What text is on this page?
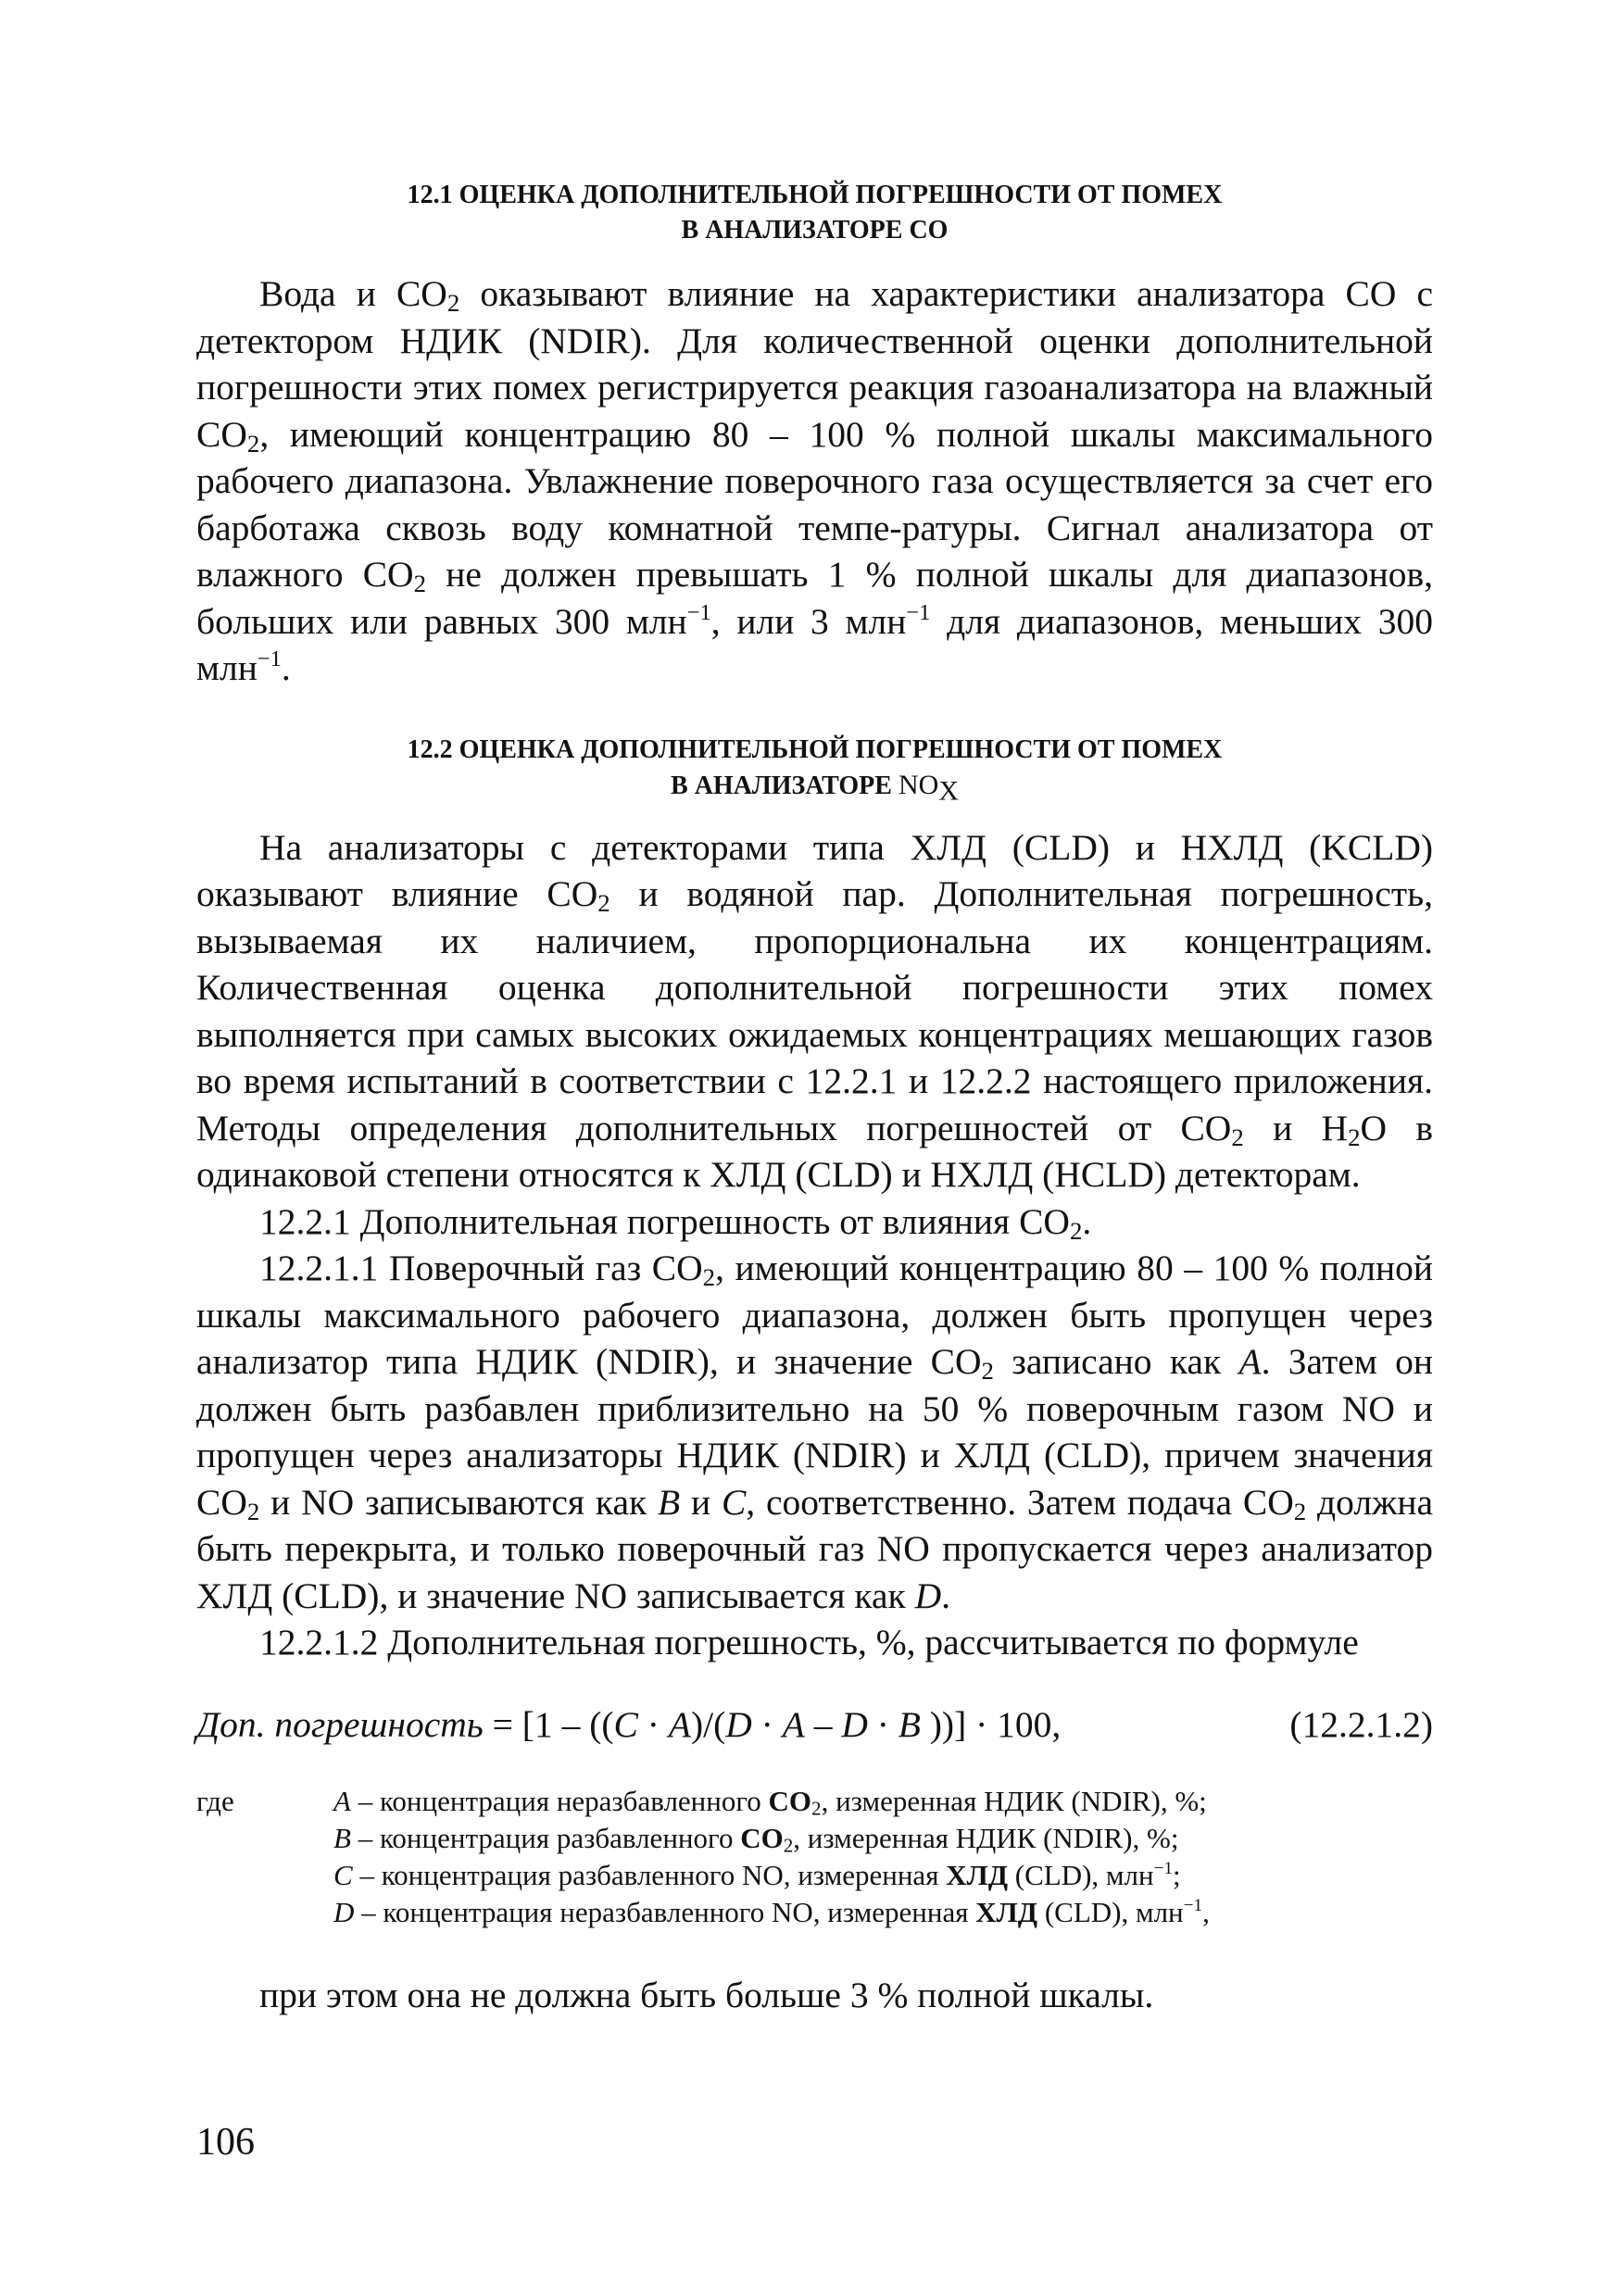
12.1 ОЦЕНКА ДОПОЛНИТЕЛЬНОЙ ПОГРЕШНОСТИ ОТ ПОМЕХ
В АНАЛИЗАТОРЕ СО

Вода и $СО_2$ оказывают влияние на характеристики анализатора СО с детектором НДИК (NDIR). Для количественной оценки дополнительной погрешности этих помех регистрируется реакция газоанализатора на влажный $СО_2$, имеющий концентрацию 80 – 100 % полной шкалы максимального рабочего диапазона. Увлажнение поверочного газа осуществляется за счет его барботажа сквозь воду комнатной темпе-ратуры. Сигнал анализатора от влажного $СО_2$ не должен превышать 1 % полной шкалы для диапазонов, больших или равных 300 млн$^{-1}$, или 3 млн$^{-1}$ для диапазонов, меньших 300 млн$^{-1}$.

12.2 ОЦЕНКА ДОПОЛНИТЕЛЬНОЙ ПОГРЕШНОСТИ ОТ ПОМЕХ
В АНАЛИЗАТОРЕ $NO_X$

На анализаторы с детекторами типа ХЛД (CLD) и НХЛД (KCLD) оказывают влияние $СО_2$ и водяной пар. Дополнительная погрешность, вызываемая их наличием, пропорциональна их концентрациям. Количественная оценка дополнительной погрешности этих помех выполняется при самых высоких ожидаемых концентрациях мешающих газов во время испытаний в соответствии с 12.2.1 и 12.2.2 настоящего приложения. Методы определения дополнительных погрешностей от $СО_2$ и $Н_2О$ в одинаковой степени относятся к ХЛД (CLD) и НХЛД (HCLD) детекторам.

12.2.1 Дополнительная погрешность от влияния $СО_2$.

12.2.1.1 Поверочный газ $СО_2$, имеющий концентрацию 80 – 100 % полной шкалы максимального рабочего диапазона, должен быть пропущен через анализатор типа НДИК (NDIR), и значение $СО_2$ записано как А. Затем он должен быть разбавлен приблизительно на 50 % поверочным газом NO и пропущен через анализаторы НДИК (NDIR) и ХЛД (CLD), причем значения $СО_2$ и NO записываются как В и С, соответственно. Затем подача $СО_2$ должна быть перекрыта, и только поверочный газ NO пропускается через анализатор ХЛД (CLD), и значение NO записывается как D.

12.2.1.2 Дополнительная погрешность, %, рассчитывается по формуле

Доп. погрешность = [1 – ((C · A)/(D · A – D · B ))] · 100,	(12.2.1.2)
где	А – концентрация неразбавленного $CO_2$, измеренная НДИК (NDIR), %;
В – концентрация разбавленного $CO_2$, измеренная НДИК (NDIR), %;
С – концентрация разбавленного NO, измеренная ХЛД (CLD), млн$^{-1}$;
D – концентрация неразбавленного NO, измеренная ХЛД (CLD), млн$^{-1}$,
при этом она не должна быть больше 3 % полной шкалы.
106
